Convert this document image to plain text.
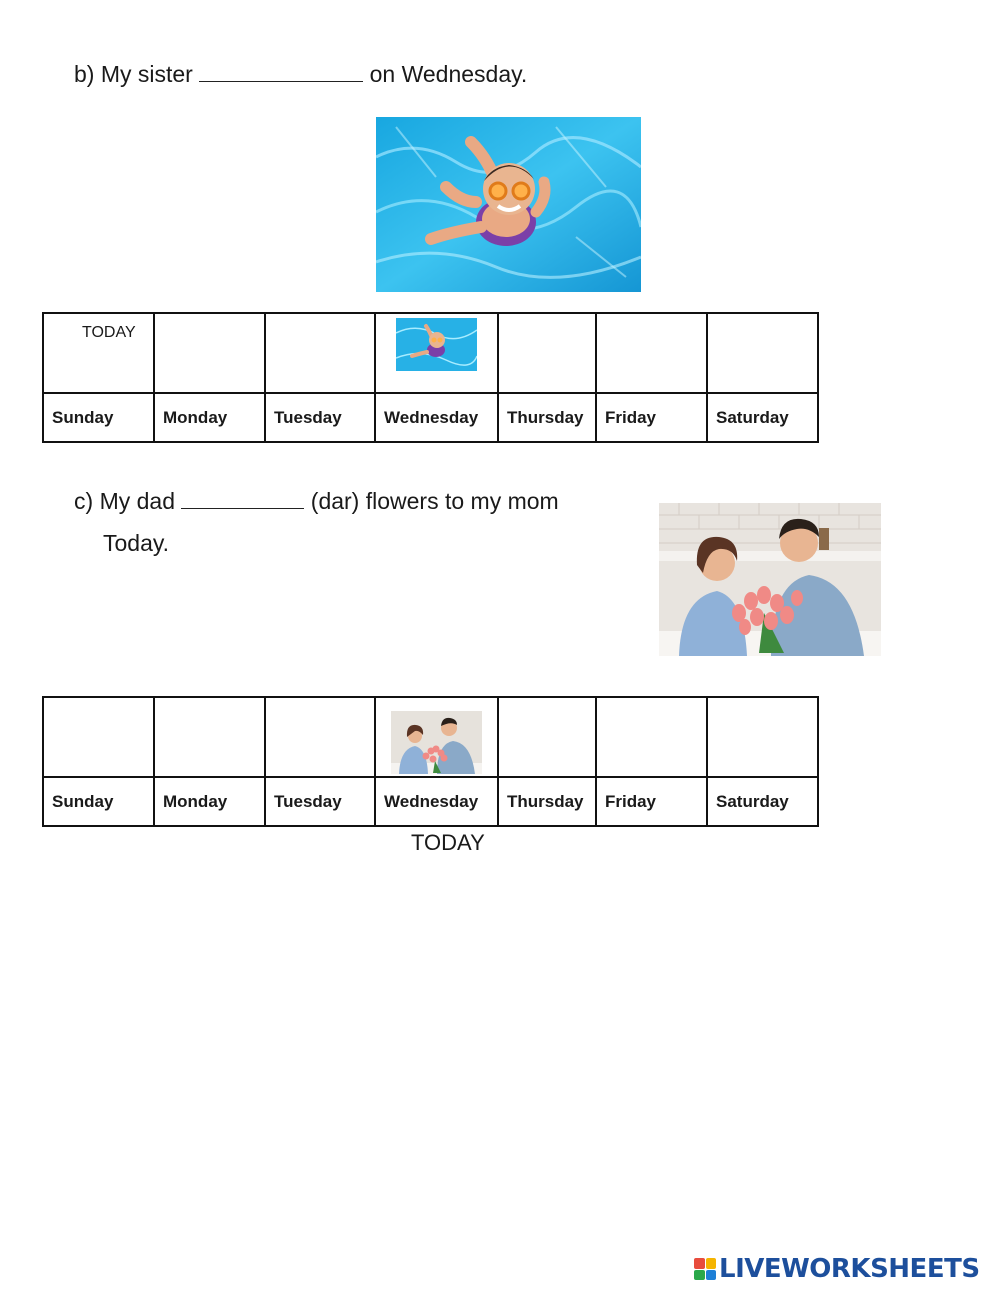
b) My sister	on Wednesday.
TODAY

Sunday	Monday	Tuesday	Wednesday	Thursday	Friday	Saturday
c) My dad	(dar) flowers to my mom
Today.

Sunday	Monday	Tuesday	Wednesday	Thursday	Friday	Saturday
TODAY
LIVEWORKSHEETS
